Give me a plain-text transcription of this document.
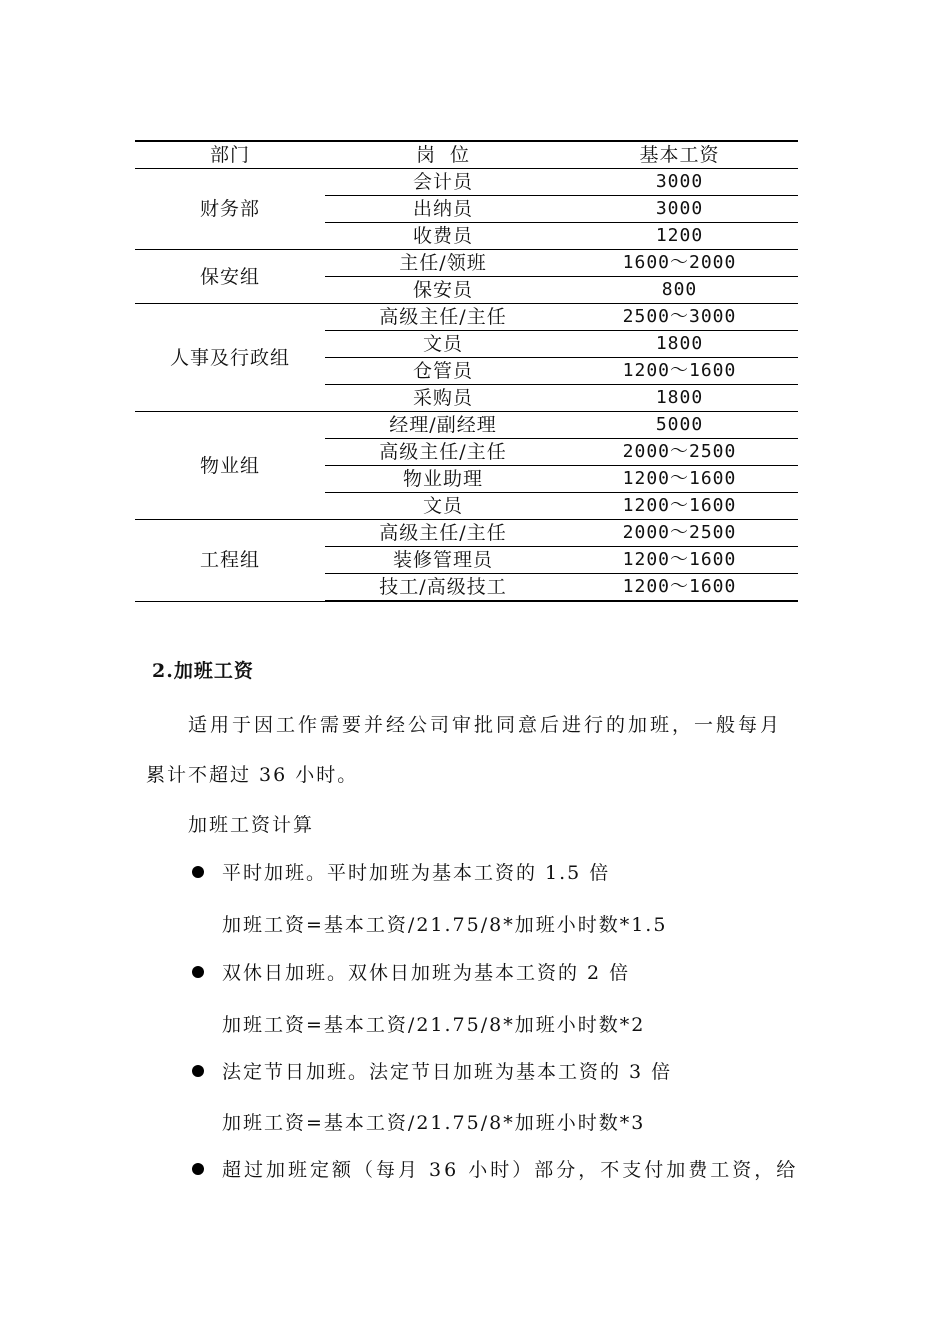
部门	岗  位	基本工资
财务部	会计员	3000
	出纳员	3000
	收费员	1200
保安组	主任/领班	1600～2000
	保安员	800
人事及行政组	高级主任/主任	2500～3000
	文员	1800
	仓管员	1200～1600
	采购员	1800
物业组	经理/副经理	5000
	高级主任/主任	2000～2500
	物业助理	1200～1600
	文员	1200～1600
工程组	高级主任/主任	2000～2500
	装修管理员	1200～1600
	技工/高级技工	1200～1600
2.加班工资

适用于因工作需要并经公司审批同意后进行的加班，一般每月

累计不超过 36 小时。

加班工资计算

平时加班。平时加班为基本工资的 1.5 倍

加班工资=基本工资/21.75/8*加班小时数*1.5

双休日加班。双休日加班为基本工资的 2 倍

加班工资=基本工资/21.75/8*加班小时数*2

法定节日加班。法定节日加班为基本工资的 3 倍

加班工资=基本工资/21.75/8*加班小时数*3

超过加班定额（每月 36 小时）部分，不支付加费工资，给
